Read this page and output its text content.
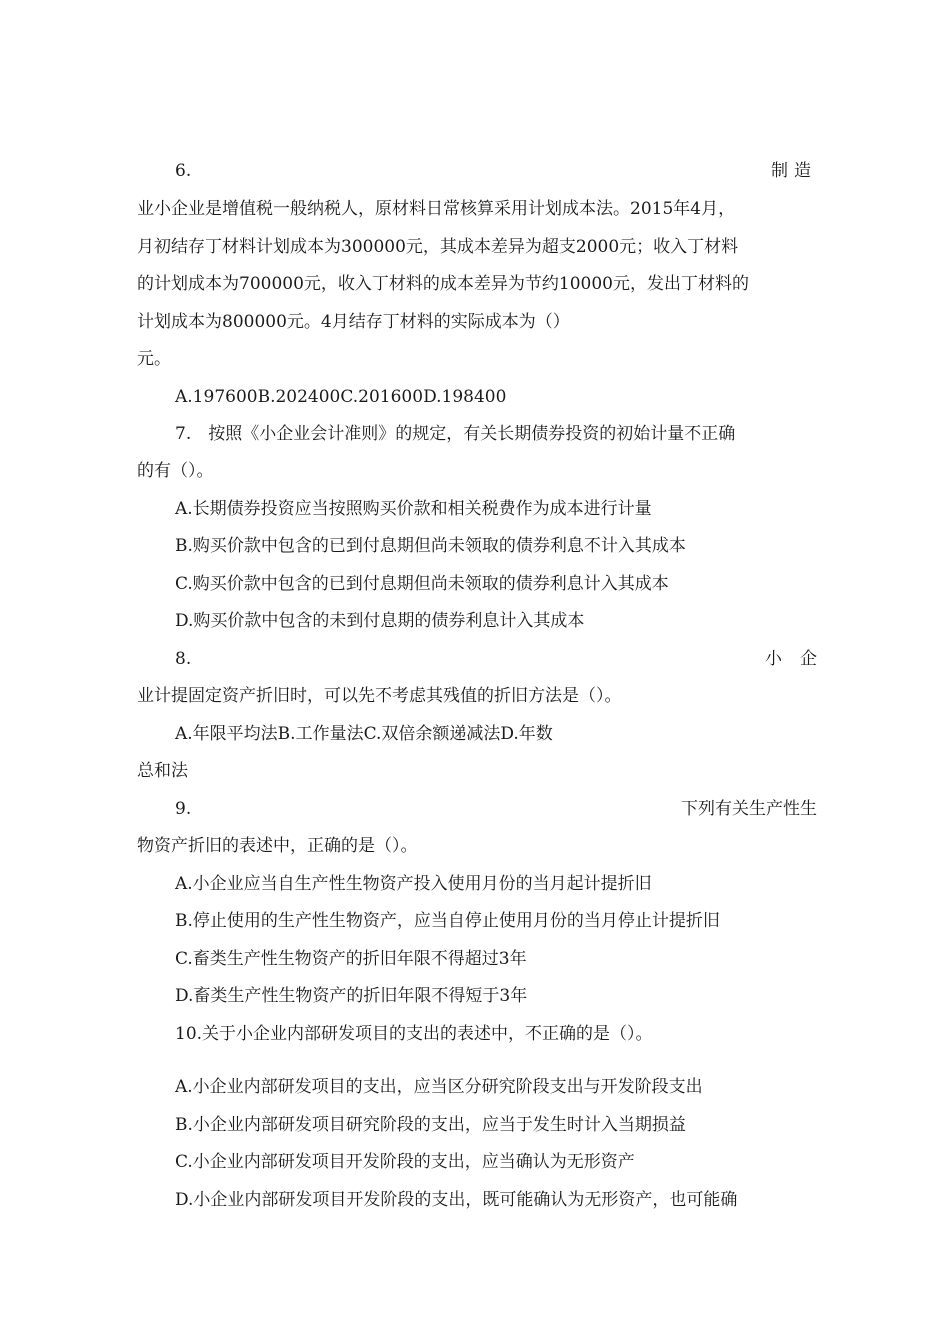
6.	制造
业小企业是增值税一般纳税人，原材料日常核算采用计划成本法。2015年4月，
月初结存丁材料计划成本为300000元，其成本差异为超支2000元；收入丁材料
的计划成本为700000元，收入丁材料的成本差异为节约10000元，发出丁材料的
计划成本为800000元。4月结存丁材料的实际成本为（）
元。
A.197600B.202400C.201600D.198400
7.　按照《小企业会计准则》的规定，有关长期债券投资的初始计量不正确
的有（）。
A.长期债券投资应当按照购买价款和相关税费作为成本进行计量
B.购买价款中包含的已到付息期但尚未领取的债券利息不计入其成本
C.购买价款中包含的已到付息期但尚未领取的债券利息计入其成本
D.购买价款中包含的未到付息期的债券利息计入其成本
8.	小企
业计提固定资产折旧时，可以先不考虑其残值的折旧方法是（）。
A.年限平均法B.工作量法C.双倍余额递减法D.年数
总和法
9.	下列有关生产性生
物资产折旧的表述中，正确的是（）。
A.小企业应当自生产性生物资产投入使用月份的当月起计提折旧
B.停止使用的生产性生物资产，应当自停止使用月份的当月停止计提折旧
C.畜类生产性生物资产的折旧年限不得超过3年
D.畜类生产性生物资产的折旧年限不得短于3年
10.关于小企业内部研发项目的支出的表述中，不正确的是（）。
A.小企业内部研发项目的支出，应当区分研究阶段支出与开发阶段支出
B.小企业内部研发项目研究阶段的支出，应当于发生时计入当期损益
C.小企业内部研发项目开发阶段的支出，应当确认为无形资产
D.小企业内部研发项目开发阶段的支出，既可能确认为无形资产，也可能确
